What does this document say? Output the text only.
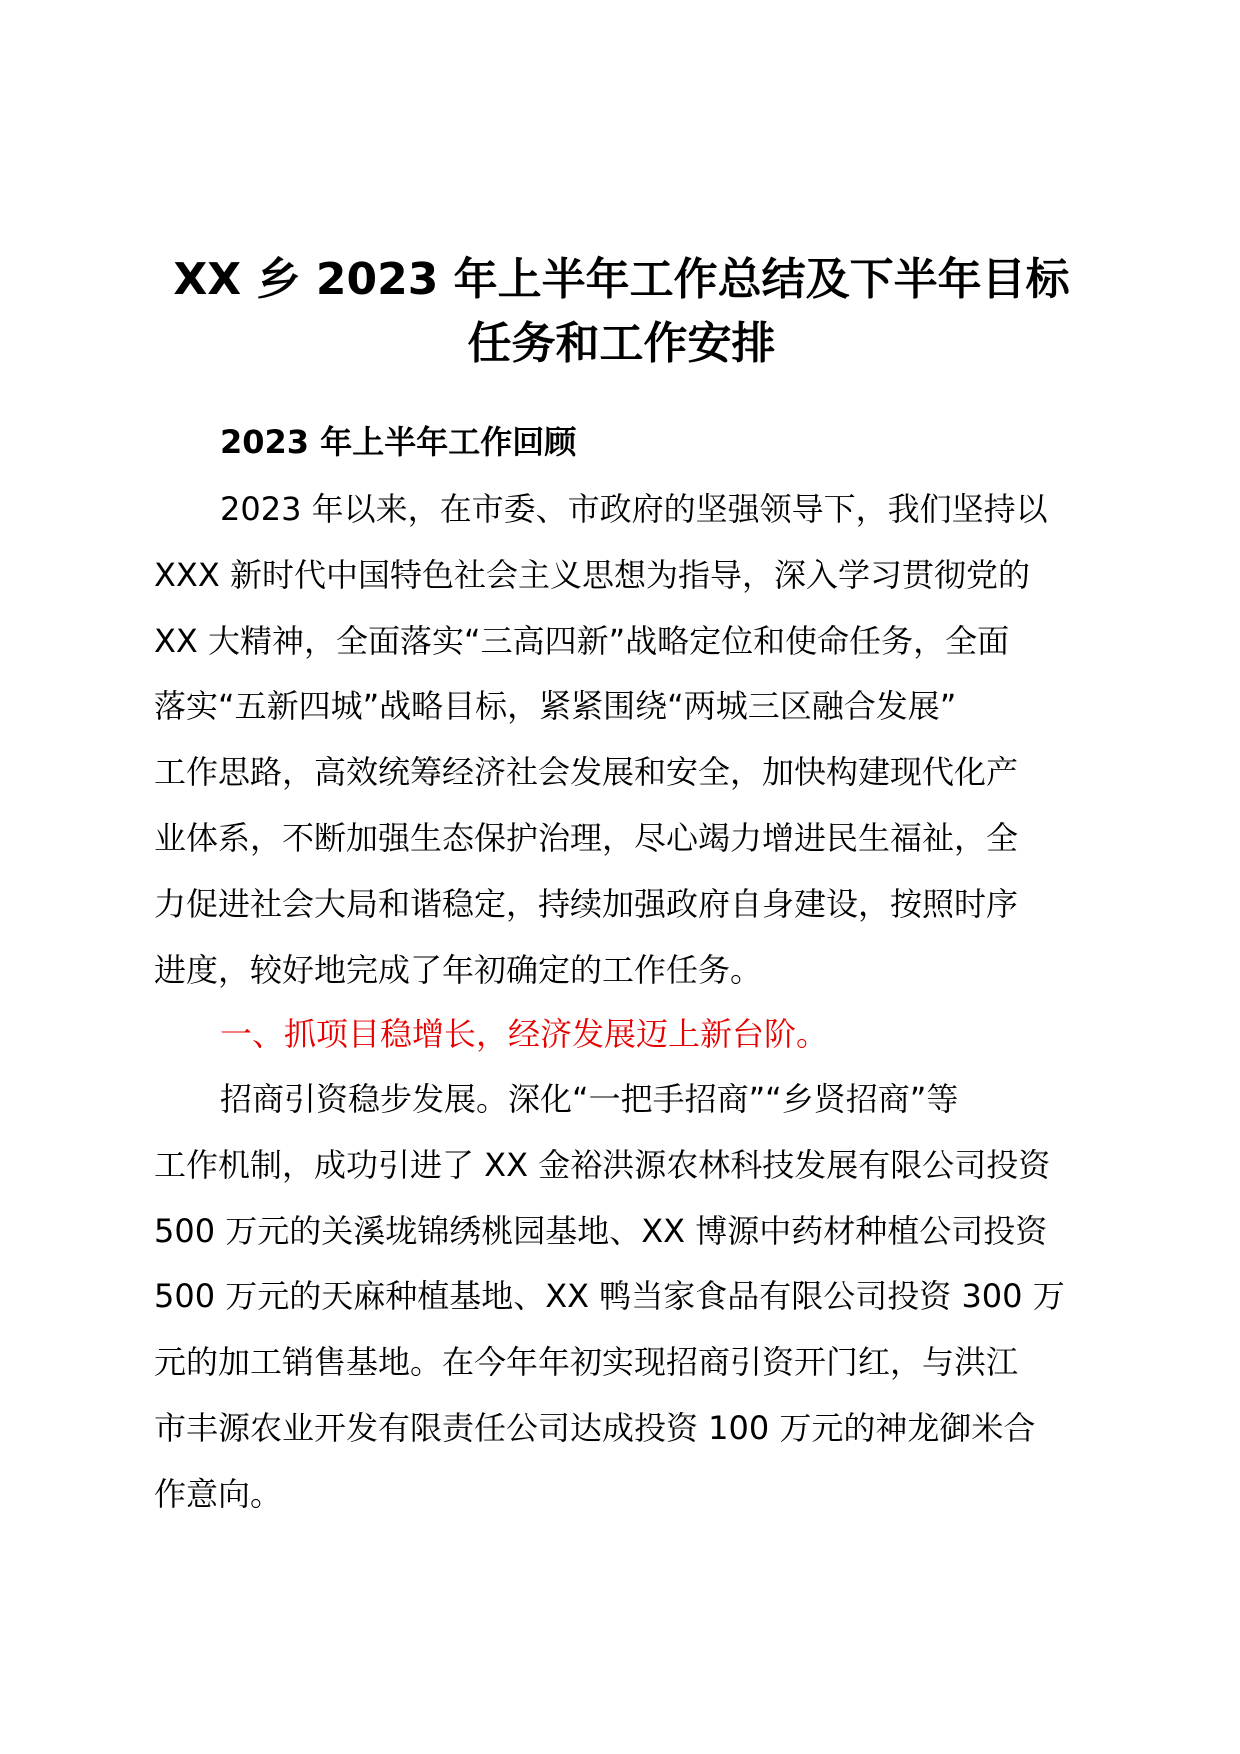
XX 乡 2023 年上半年工作总结及下半年目标
任务和工作安排
2023 年上半年工作回顾

2023 年以来，在市委、市政府的坚强领导下，我们坚持以
XXX 新时代中国特色社会主义思想为指导，深入学习贯彻党的
XX 大精神，全面落实“三高四新”战略定位和使命任务，全面
落实“五新四城”战略目标，紧紧围绕“两城三区融合发展”
工作思路，高效统筹经济社会发展和安全，加快构建现代化产
业体系，不断加强生态保护治理，尽心竭力增进民生福祉，全
力促进社会大局和谐稳定，持续加强政府自身建设，按照时序
进度，较好地完成了年初确定的工作任务。

一、抓项目稳增长，经济发展迈上新台阶。

招商引资稳步发展。深化“一把手招商”“乡贤招商”等
工作机制，成功引进了 XX 金裕洪源农林科技发展有限公司投资
500 万元的关溪垅锦绣桃园基地、XX 博源中药材种植公司投资
500 万元的天麻种植基地、XX 鸭当家食品有限公司投资 300 万
元的加工销售基地。在今年年初实现招商引资开门红，与洪江
市丰源农业开发有限责任公司达成投资 100 万元的神龙御米合
作意向。
